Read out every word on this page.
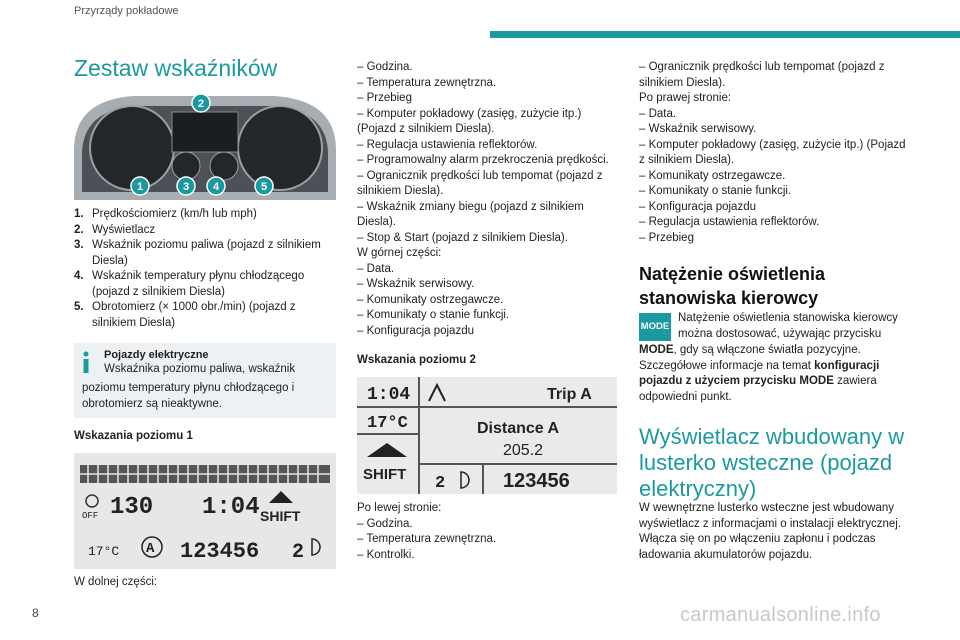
Przyrządy pokładowe
Zestaw wskaźników
1
2
3 4	5
1. Prędkościomierz (km/h lub mph)
2. Wyświetlacz
3. Wskaźnik poziomu paliwa (pojazd z silnikiem Diesla)
4. Wskaźnik temperatury płynu chłodzącego (pojazd z silnikiem Diesla)
5. Obrotomierz (× 1000 obr./min) (pojazd z silnikiem Diesla)
Pojazdy elektryczne
Wskaźnika poziomu paliwa, wskaźnik
poziomu temperatury płynu chłodzącego i obrotomierz są nieaktywne.
Wskazania poziomu 1
OFF 130 1:04 SHIFT
17°C A 123456 2
W dolnej części:

– Godzina.

– Temperatura zewnętrzna.

– Przebieg

– Komputer pokładowy (zasięg, zużycie itp.) (Pojazd z silnikiem Diesla).

– Regulacja ustawienia reflektorów.

– Programowalny alarm przekroczenia prędkości.

– Ogranicznik prędkości lub tempomat (pojazd z silnikiem Diesla).

– Wskaźnik zmiany biegu (pojazd z silnikiem Diesla).

– Stop & Start (pojazd z silnikiem Diesla).

W górnej części:

– Data.

– Wskaźnik serwisowy.

– Komunikaty ostrzegawcze.

– Komunikaty o stanie funkcji.

– Konfiguracja pojazdu

Wskazania poziomu 2
1:04	Trip A
17°C	Distance A
205.2
SHIFT 2	123456

Po lewej stronie:

– Godzina.

– Temperatura zewnętrzna.

– Kontrolki.

– Ogranicznik prędkości lub tempomat (pojazd z silnikiem Diesla).

Po prawej stronie:

– Data.

– Wskaźnik serwisowy.

– Komputer pokładowy (zasięg, zużycie itp.) (Pojazd z silnikiem Diesla).

– Komunikaty ostrzegawcze.

– Komunikaty o stanie funkcji.

– Konfiguracja pojazdu

– Regulacja ustawienia reflektorów.

– Przebieg

Natężenie oświetlenia stanowiska kierowcy
MODE

Natężenie oświetlenia stanowiska kierowcy

można dostosować, używając przycisku

MODE, gdy są włączone światła pozycyjne.

Szczegółowe informacje na temat konfiguracji pojazdu z użyciem przycisku MODE zawiera odpowiedni punkt.

Wyświetlacz wbudowany w lusterko wsteczne (pojazd elektryczny)

W wewnętrzne lusterko wsteczne jest wbudowany wyświetlacz z informacjami o instalacji elektrycznej. Włącza się on po włączeniu zapłonu i podczas ładowania akumulatorów pojazdu.

8	carmanualsonline.info
